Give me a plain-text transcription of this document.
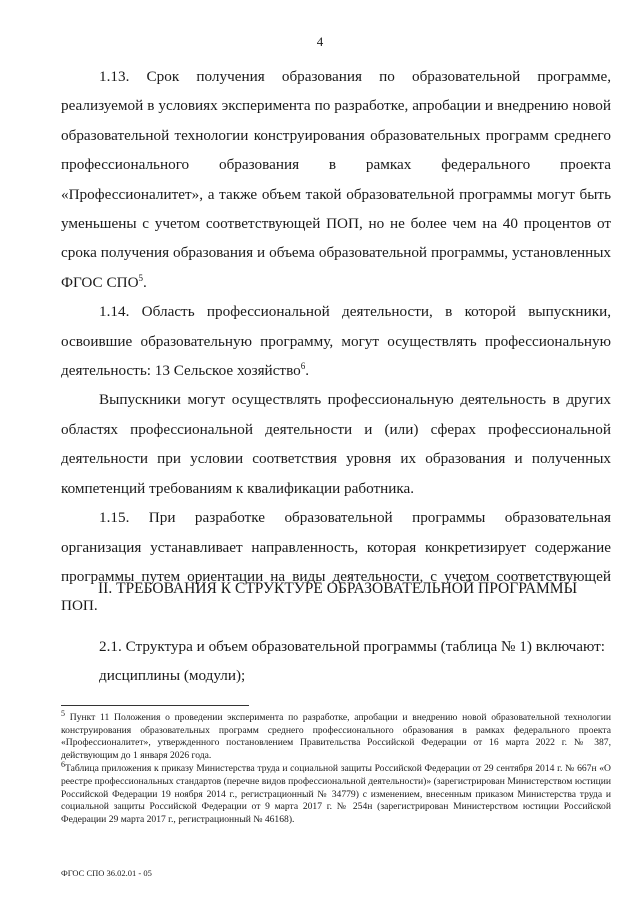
4

1.13. Срок получения образования по образовательной программе, реализуемой в условиях эксперимента по разработке, апробации и внедрению новой образовательной технологии конструирования образовательных программ среднего профессионального образования в рамках федерального проекта «Профессионалитет», а также объем такой образовательной программы могут быть уменьшены с учетом соответствующей ПОП, но не более чем на 40 процентов от срока получения образования и объема образовательной программы, установленных ФГОС СПО$^5$.

1.14. Область профессиональной деятельности, в которой выпускники, освоившие образовательную программу, могут осуществлять профессиональную деятельность: 13 Сельское хозяйство$^6$.

Выпускники могут осуществлять профессиональную деятельность в других областях профессиональной деятельности и (или) сферах профессиональной деятельности при условии соответствия уровня их образования и полученных компетенций требованиям к квалификации работника.

1.15. При разработке образовательной программы образовательная организация устанавливает направленность, которая конкретизирует содержание программы путем ориентации на виды деятельности, с учетом соответствующей ПОП.

II. ТРЕБОВАНИЯ К СТРУКТУРЕ ОБРАЗОВАТЕЛЬНОЙ ПРОГРАММЫ

2.1. Структура и объем образовательной программы (таблица № 1) включают:

дисциплины (модули);

$^5$ Пункт 11 Положения о проведении эксперимента по разработке, апробации и внедрению новой образовательной технологии конструирования образовательных программ среднего профессионального образования в рамках федерального проекта «Профессионалитет», утвержденного постановлением Правительства Российской Федерации от 16 марта 2022 г. № 387, действующим до 1 января 2026 года.

$^6$Таблица приложения к приказу Министерства труда и социальной защиты Российской Федерации от 29 сентября 2014 г. № 667н «О реестре профессиональных стандартов (перечне видов профессиональной деятельности)» (зарегистрирован Министерством юстиции Российской Федерации 19 ноября 2014 г., регистрационный № 34779) с изменением, внесенным приказом Министерства труда и социальной защиты Российской Федерации от 9 марта 2017 г. № 254н (зарегистрирован Министерством юстиции Российской Федерации 29 марта 2017 г., регистрационный № 46168).

ФГОС СПО 36.02.01 - 05
